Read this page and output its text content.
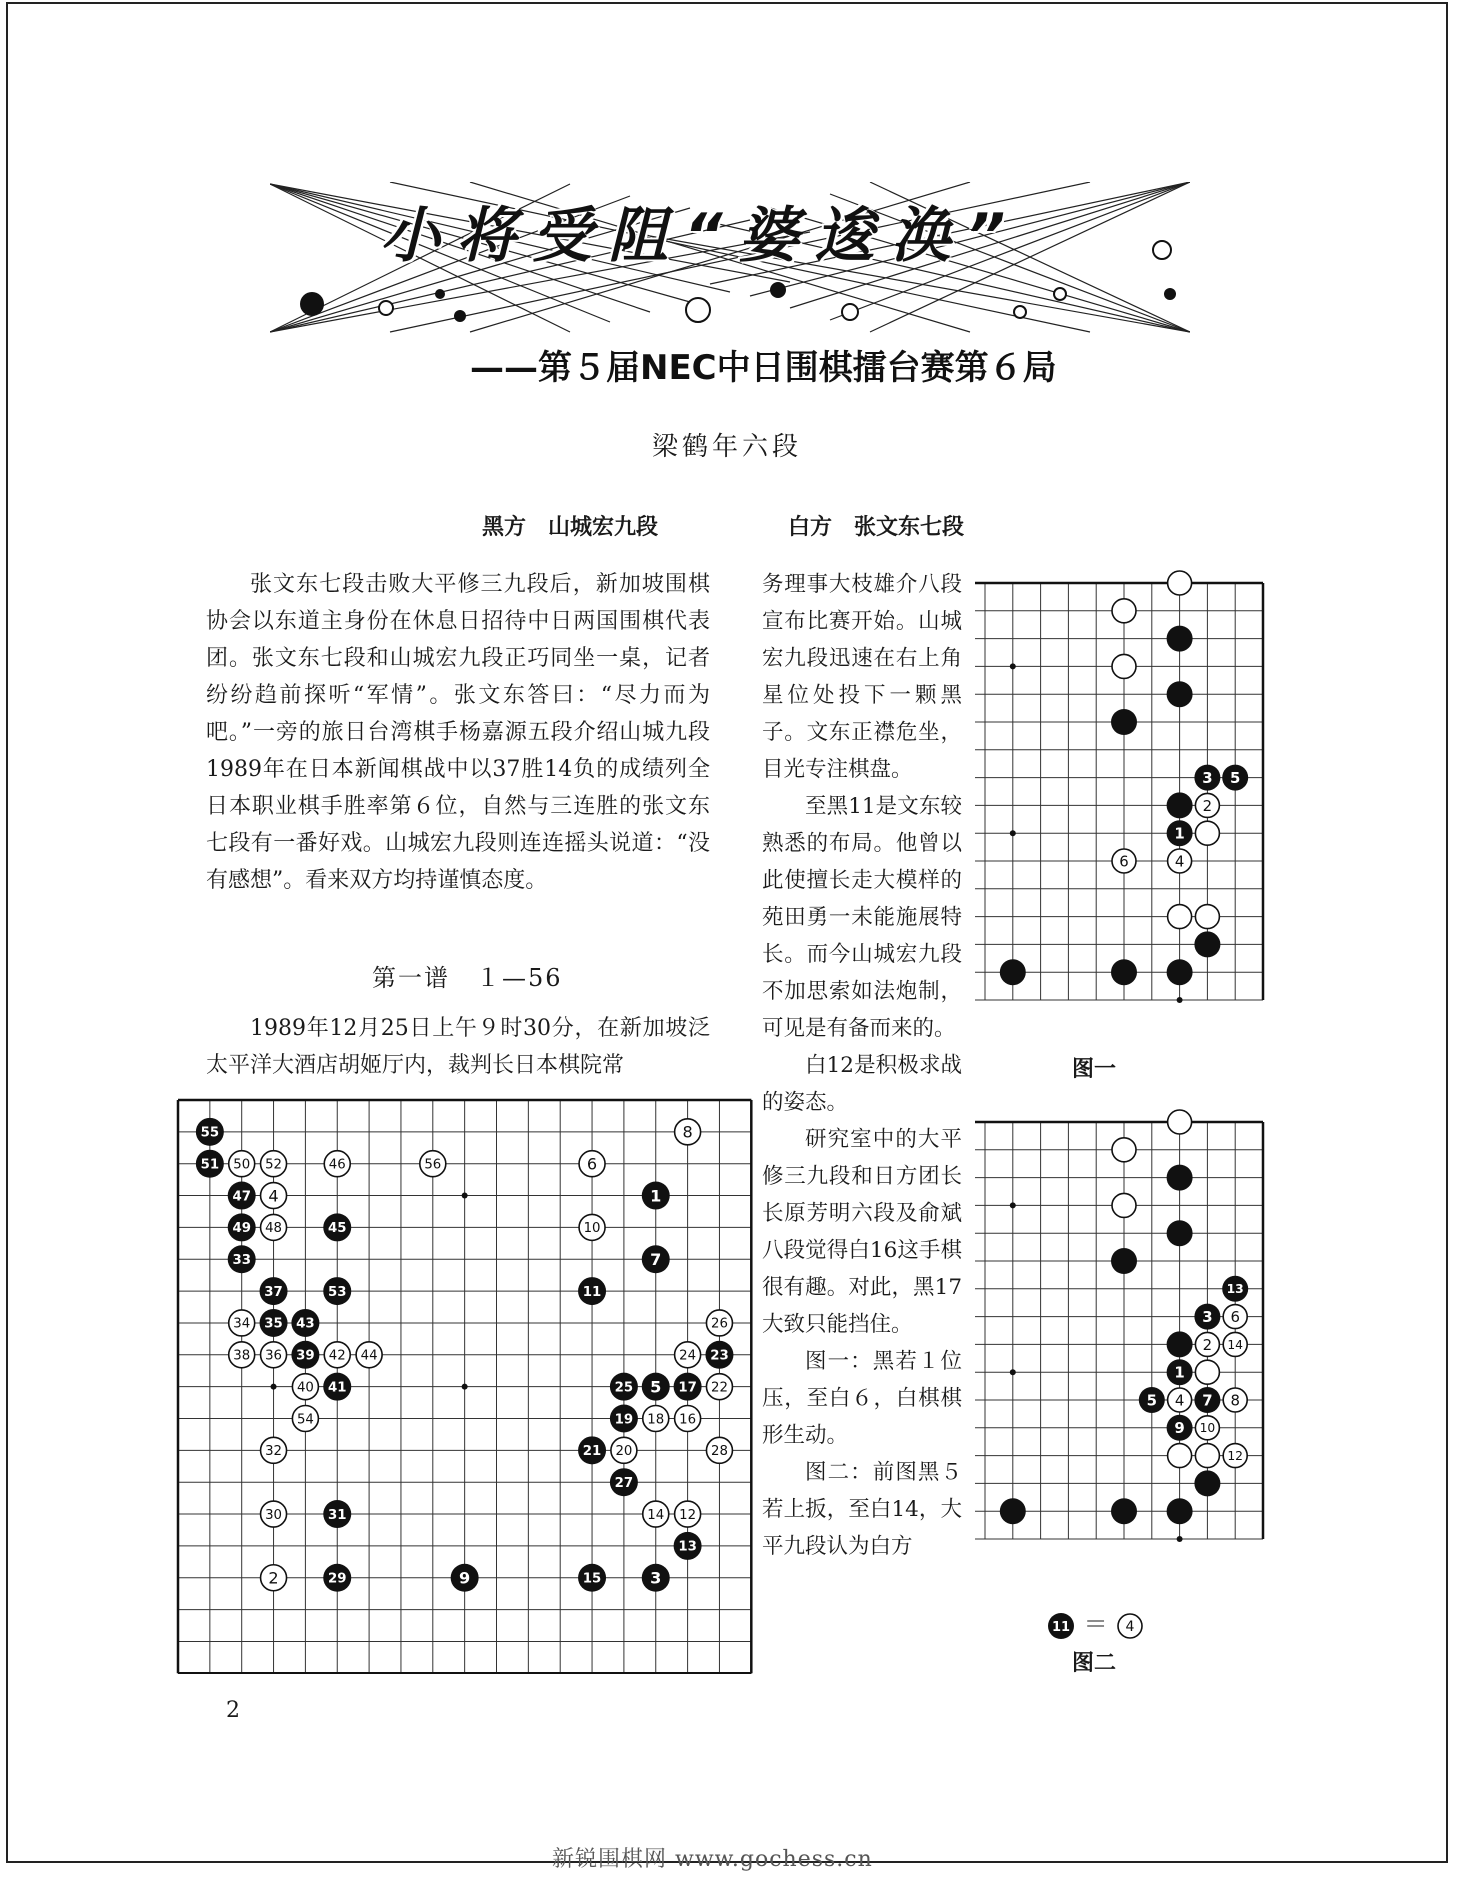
小将受阻“婆逡涣”
——第５届NEC中日围棋擂台赛第６局
梁鹤年六段
黑方　山城宏九段	白方　张文东七段

张文东七段击败大平修三九段后，新加坡围棋协会以东道主身份在休息日招待中日两国围棋代表团。张文东七段和山城宏九段正巧同坐一桌，记者纷纷趋前探听“军情”。张文东答曰：“尽力而为吧。”一旁的旅日台湾棋手杨嘉源五段介绍山城九段1989年在日本新闻棋战中以37胜14负的成绩列全日本职业棋手胜率第６位，自然与三连胜的张文东七段有一番好戏。山城宏九段则连连摇头说道：“没有感想”。看来双方均持谨慎态度。

第一谱　１—56

1989年12月25日上午９时30分，在新加坡泛太平洋大酒店胡姬厅内，裁判长日本棋院常

务理事大枝雄介八段宣布比赛开始。山城宏九段迅速在右上角星位处投下一颗黑子。文东正襟危坐，目光专注棋盘。

至黑11是文东较熟悉的布局。他曾以此使擅长走大模样的苑田勇一未能施展特长。而今山城宏九段不加思索如法炮制，可见是有备而来的。

白12是积极求战的姿态。

研究室中的大平修三九段和日方团长长原芳明六段及俞斌八段觉得白16这手棋很有趣。对此，黑17大致只能挡住。

图一：黑若１位压，至白６，白棋棋形生动。

图二：前图黑５若上扳，至白14，大平九段认为白方

3 5
2
1
6	4
图一
13
3 6
2 14
1
5 4 7 8
9 10
12
11 ＝ 4
图二
55	8
51 50 52	46	56	6
47 4	1
49 48	45	10
33	7
37	53	11
34 35 43	26
38 36 39 42 44	24 23
40 41	25 5 17 22
54	19 18 16
32	21 20	28
27
30	31	14 12
13
2	29	9	15	3
2
新锐围棋网 www.gochess.cn
